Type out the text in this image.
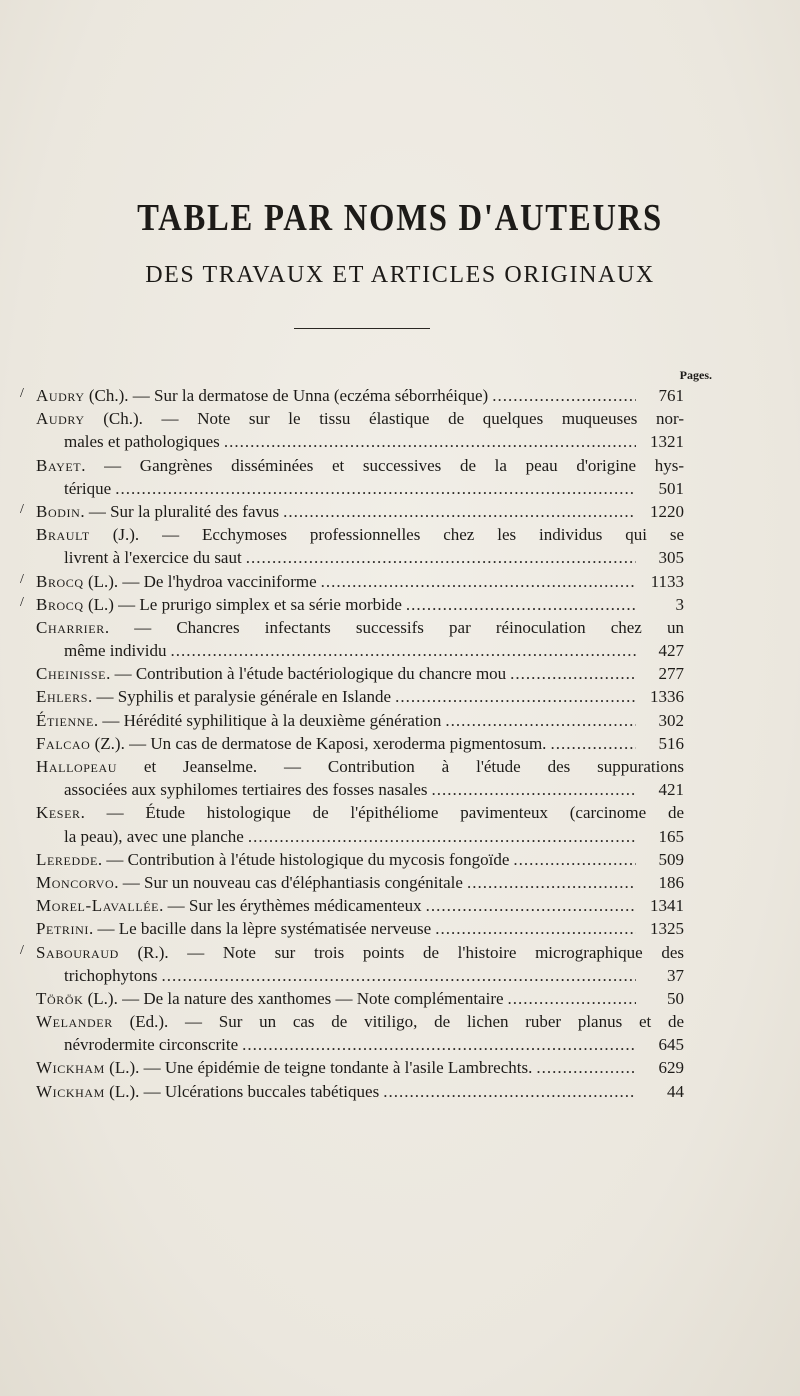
TABLE PAR NOMS D'AUTEURS
DES TRAVAUX ET ARTICLES ORIGINAUX
Pages.
/ Audry (Ch.). — Sur la dermatose de Unna (eczéma séborrhéique) .....	761
Audry (Ch.). — Note sur le tissu élastique de quelques muqueuses nor-
males et pathologiques .....	1321
Bayet. — Gangrènes disséminées et successives de la peau d'origine hys-
térique .....	501
/ Bodin. — Sur la pluralité des favus .....	1220
Brault (J.). — Ecchymoses professionnelles chez les individus qui se
livrent à l'exercice du saut .....	305
/ Brocq (L.). — De l'hydroa vacciniforme .....	1133
/ Brocq (L.) — Le prurigo simplex et sa série morbide .....	3
Charrier. — Chancres infectants successifs par réinoculation chez un
même individu .....	427
Cheinisse. — Contribution à l'étude bactériologique du chancre mou .....	277
Ehlers. — Syphilis et paralysie générale en Islande .....	1336
Étienne. — Hérédité syphilitique à la deuxième génération .....	302
Falcao (Z.). — Un cas de dermatose de Kaposi, xeroderma pigmentosum. .....	516
Hallopeau et Jeanselme. — Contribution à l'étude des suppurations
associées aux syphilomes tertiaires des fosses nasales .....	421
Keser. — Étude histologique de l'épithéliome pavimenteux (carcinome de
la peau), avec une planche .....	165
Leredde. — Contribution à l'étude histologique du mycosis fongoïde .....	509
Moncorvo. — Sur un nouveau cas d'éléphantiasis congénitale .....	186
Morel-Lavallée. — Sur les érythèmes médicamenteux .....	1341
Petrini. — Le bacille dans la lèpre systématisée nerveuse .....	1325
/ Sabouraud (R.). — Note sur trois points de l'histoire micrographique des
trichophytons .....	37
Török (L.). — De la nature des xanthomes — Note complémentaire .....	50
Welander (Ed.). — Sur un cas de vitiligo, de lichen ruber planus et de
névrodermite circonscrite .....	645
Wickham (L.). — Une épidémie de teigne tondante à l'asile Lambrechts. .....	629
Wickham (L.). — Ulcérations buccales tabétiques .....	44
